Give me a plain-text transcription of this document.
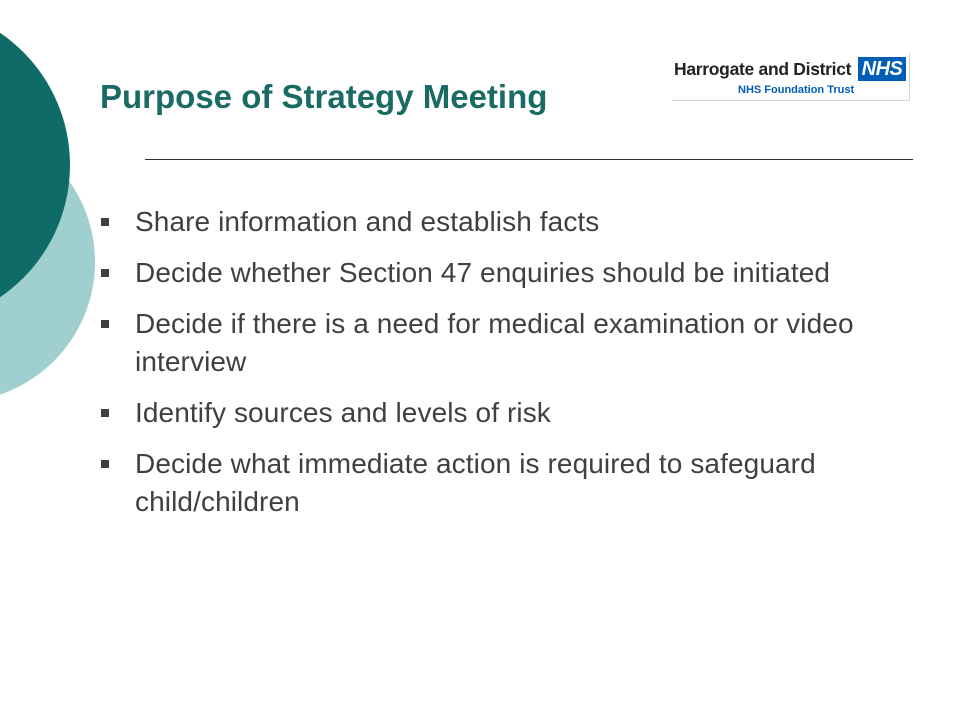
Purpose of Strategy Meeting
Harrogate and District NHS
NHS Foundation Trust
Share information and establish facts
Decide whether Section 47 enquiries should be initiated
Decide if there is a need for medical examination or video interview
Identify sources and levels of risk
Decide what immediate action is required to safeguard child/children
